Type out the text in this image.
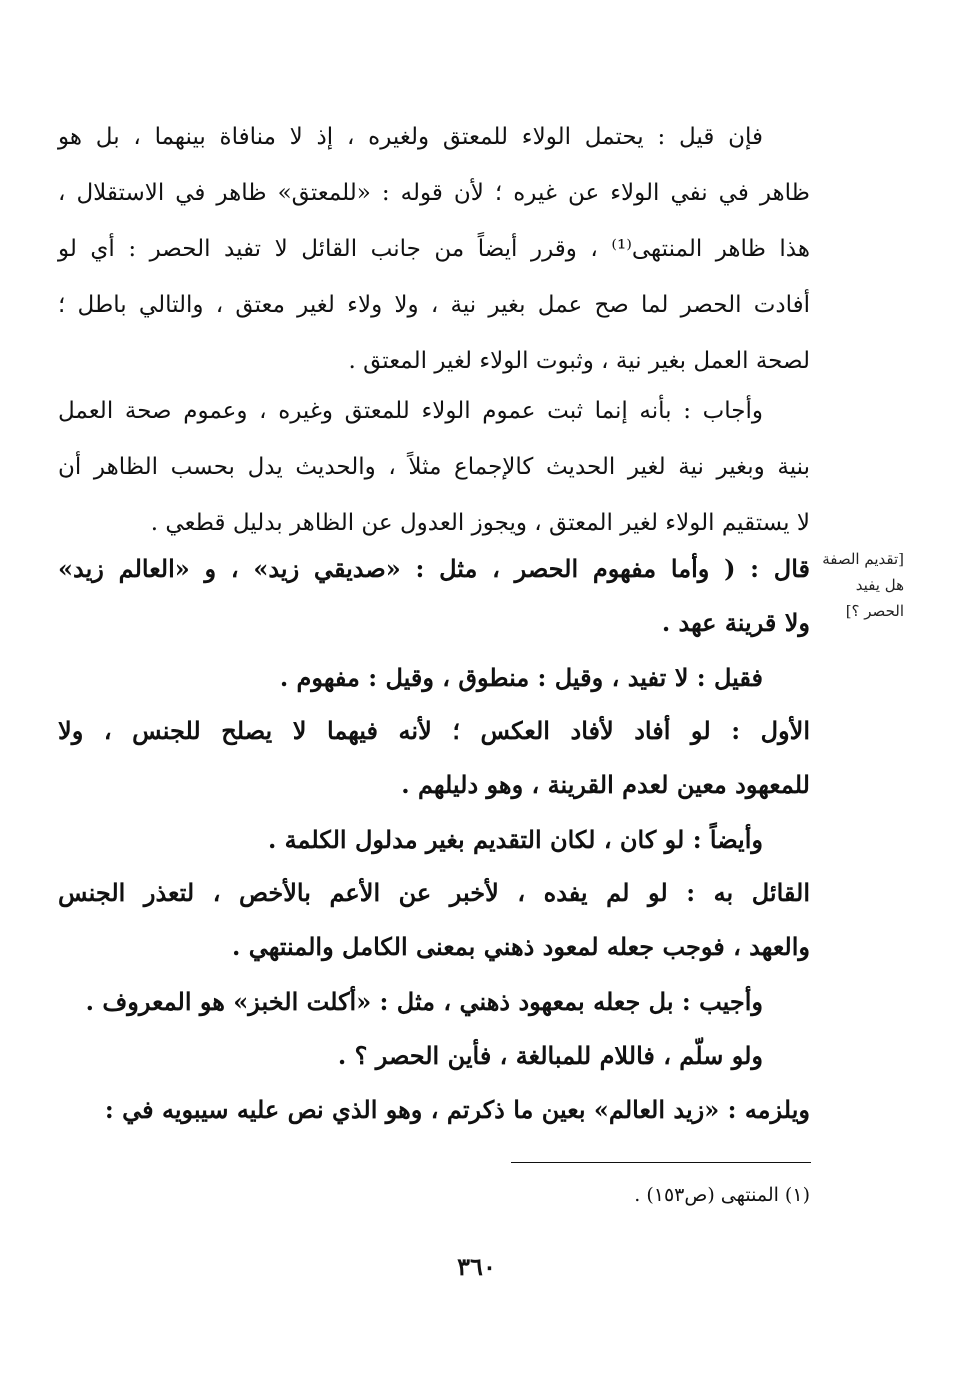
فإن قيل : يحتمل الولاء للمعتق ولغيره ، إذ لا منافاة بينهما ، بل هو
ظاهر في نفي الولاء عن غيره ؛ لأن قوله : «للمعتق» ظاهر في الاستقلال ،
هذا ظاهر المنتهى⁽¹⁾ ، وقرر أيضاً من جانب القائل لا تفيد الحصر : أي لو
أفادت الحصر لما صح عمل بغير نية ، ولا ولاء لغير معتق ، والتالي باطل ؛
لصحة العمل بغير نية ، وثبوت الولاء لغير المعتق .
وأجاب : بأنه إنما ثبت عموم الولاء للمعتق وغيره ، وعموم صحة العمل
بنية وبغير نية لغير الحديث كالإجماع مثلاً ، والحديث يدل بحسب الظاهر أن
لا يستقيم الولاء لغير المعتق ، ويجوز العدول عن الظاهر بدليل قطعي .
[تقديم الصفة
هل يفيد
الحصر ؟]
قال : ( وأما مفهوم الحصر ، مثل : «صديقي زيد» ، و «العالم زيد»
ولا قرينة عهد .
فقيل : لا تفيد ، وقيل : منطوق ، وقيل : مفهوم .
الأول : لو أفاد لأفاد العكس ؛ لأنه فيهما لا يصلح للجنس ، ولا
للمعهود معين لعدم القرينة ، وهو دليلهم .
وأيضاً : لو كان ، لكان التقديم بغير مدلول الكلمة .
القائل به : لو لم يفده ، لأخبر عن الأعم بالأخص ، لتعذر الجنس
والعهد ، فوجب جعله لمعود ذهني بمعنى الكامل والمنتهي .
وأجيب : بل جعله بمعهود ذهني ، مثل : «أكلت الخبز» هو المعروف .
ولو سلّم ، فاللام للمبالغة ، فأين الحصر ؟ .
ويلزمه : «زيد العالم» بعين ما ذكرتم ، وهو الذي نص عليه سيبويه في :
(١) المنتهى (ص١٥٣) .
٣٦٠
